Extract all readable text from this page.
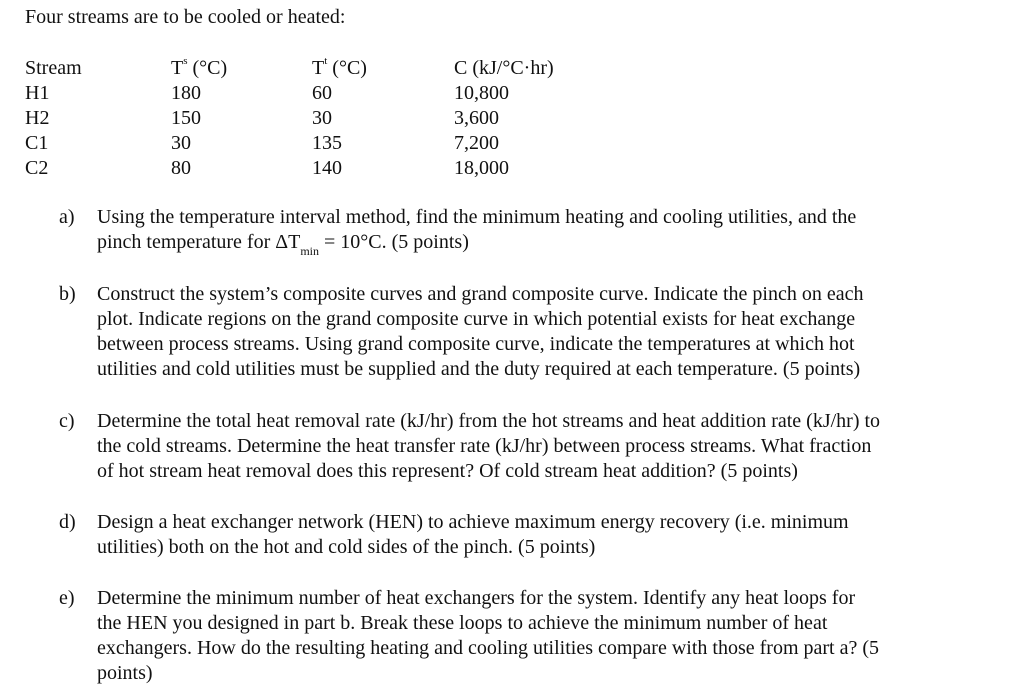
Four streams are to be cooled or heated:

Stream	$T^s$ (°C)	$T^t$ (°C)	C (kJ/°C·hr)
H1	180	60	10,800
H2	150	30	3,600
C1	30	135	7,200
C2	80	140	18,000
a)	Using the temperature interval method, find the minimum heating and cooling utilities, and the
pinch temperature for $\Delta T_{min} = 10^\circ C$. (5 points)
b)	Construct the system’s composite curves and grand composite curve. Indicate the pinch on each
plot. Indicate regions on the grand composite curve in which potential exists for heat exchange
between process streams. Using grand composite curve, indicate the temperatures at which hot
utilities and cold utilities must be supplied and the duty required at each temperature. (5 points)
c)	Determine the total heat removal rate (kJ/hr) from the hot streams and heat addition rate (kJ/hr) to
the cold streams. Determine the heat transfer rate (kJ/hr) between process streams. What fraction
of hot stream heat removal does this represent? Of cold stream heat addition? (5 points)
d)	Design a heat exchanger network (HEN) to achieve maximum energy recovery (i.e. minimum
utilities) both on the hot and cold sides of the pinch. (5 points)
e)	Determine the minimum number of heat exchangers for the system. Identify any heat loops for
the HEN you designed in part b. Break these loops to achieve the minimum number of heat
exchangers. How do the resulting heating and cooling utilities compare with those from part a? (5
points)
